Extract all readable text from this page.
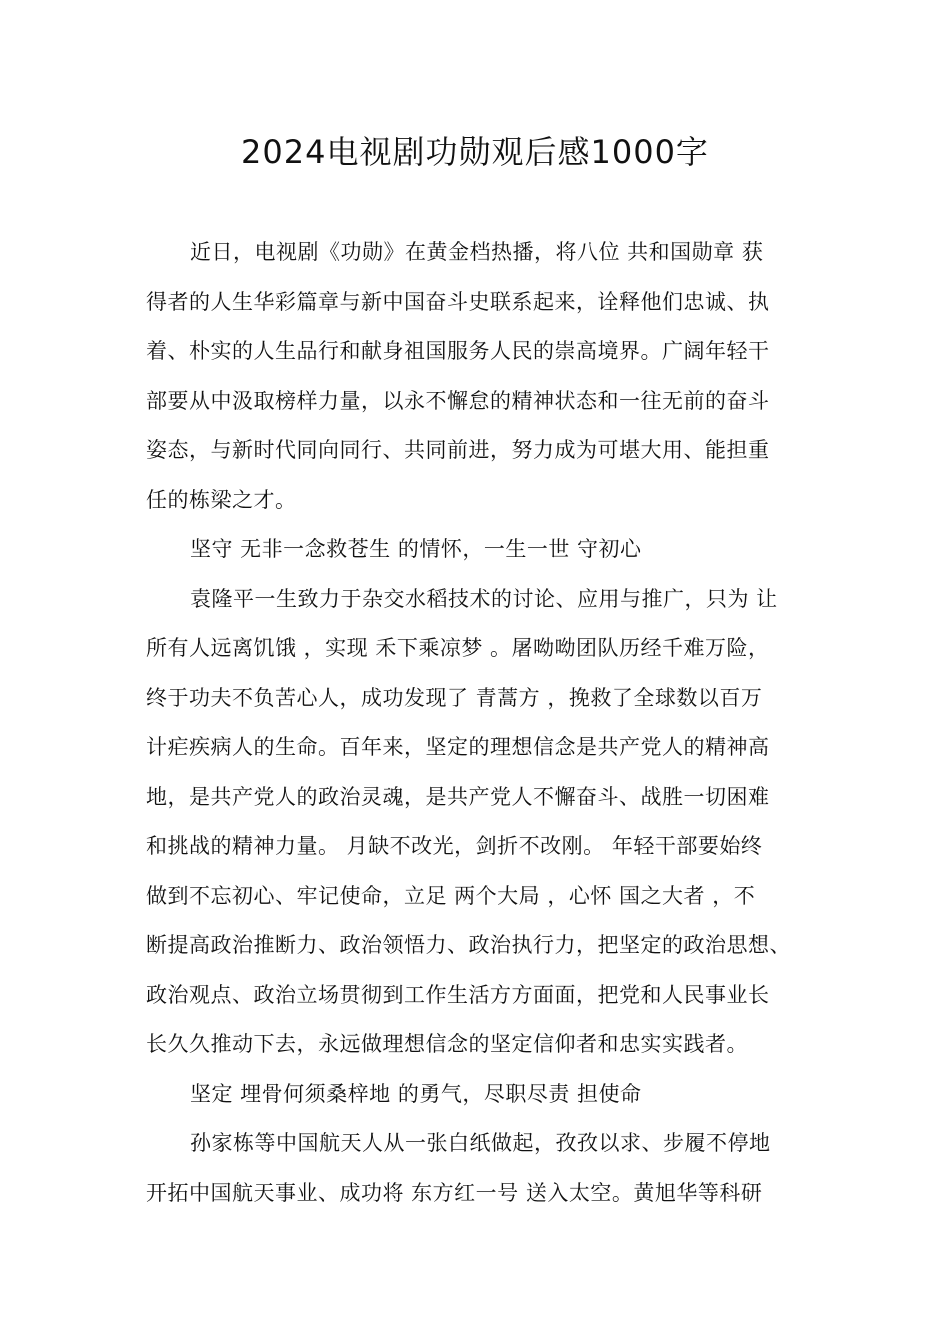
2024电视剧功勋观后感1000字
近日，电视剧《功勋》在黄金档热播，将八位 共和国勋章 获
得者的人生华彩篇章与新中国奋斗史联系起来，诠释他们忠诚、执
着、朴实的人生品行和献身祖国服务人民的崇高境界。广阔年轻干
部要从中汲取榜样力量，以永不懈怠的精神状态和一往无前的奋斗
姿态，与新时代同向同行、共同前进，努力成为可堪大用、能担重
任的栋梁之才。
坚守 无非一念救苍生 的情怀，一生一世 守初心
袁隆平一生致力于杂交水稻技术的讨论、应用与推广，只为 让
所有人远离饥饿 ，实现 禾下乘凉梦 。屠呦呦团队历经千难万险，
终于功夫不负苦心人，成功发现了 青蒿方 ，挽救了全球数以百万
计疟疾病人的生命。百年来，坚定的理想信念是共产党人的精神高
地，是共产党人的政治灵魂，是共产党人不懈奋斗、战胜一切困难
和挑战的精神力量。 月缺不改光，剑折不改刚。 年轻干部要始终
做到不忘初心、牢记使命，立足 两个大局 ，心怀 国之大者 ，不
断提高政治推断力、政治领悟力、政治执行力，把坚定的政治思想、
政治观点、政治立场贯彻到工作生活方方面面，把党和人民事业长
长久久推动下去，永远做理想信念的坚定信仰者和忠实实践者。
坚定 埋骨何须桑梓地 的勇气，尽职尽责 担使命
孙家栋等中国航天人从一张白纸做起，孜孜以求、步履不停地
开拓中国航天事业、成功将 东方红一号 送入太空。黄旭华等科研
